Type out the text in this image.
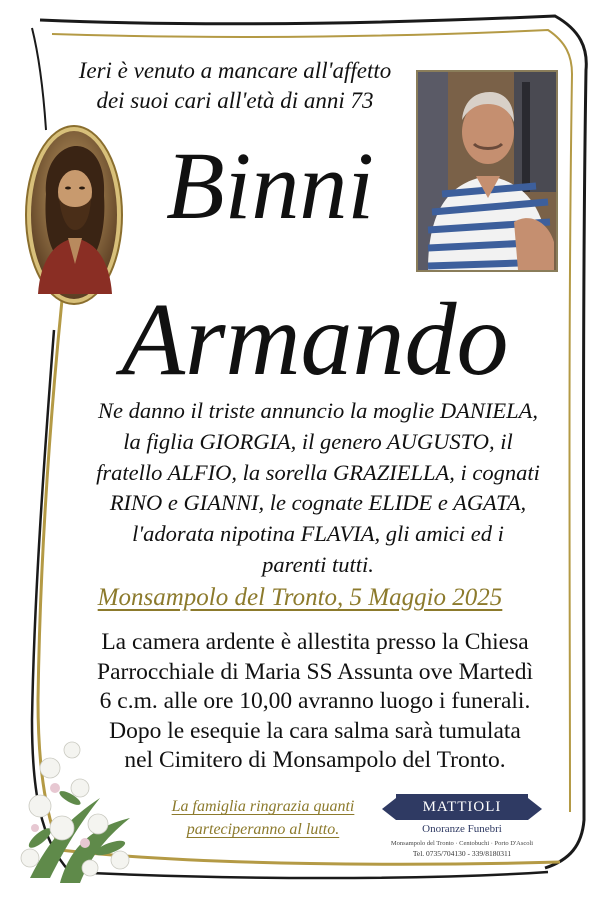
Ieri è venuto a mancare all'affetto
dei suoi cari all'età di anni 73
Binni
Armando
Ne danno il triste annuncio la moglie DANIELA,
la figlia GIORGIA, il genero AUGUSTO, il
fratello ALFIO, la sorella GRAZIELLA, i cognati
RINO e GIANNI, le cognate ELIDE e AGATA,
l'adorata nipotina FLAVIA, gli amici ed i
parenti tutti.
Monsampolo del Tronto, 5 Maggio 2025
La camera ardente è allestita presso la Chiesa
Parrocchiale di Maria SS Assunta ove Martedì
6 c.m. alle ore 10,00 avranno luogo i funerali.
Dopo le esequie la cara salma sarà tumulata
nel Cimitero di Monsampolo del Tronto.
La famiglia ringrazia quanti
parteciperanno al lutto.
MATTIOLI
Onoranze Funebri
Monsampolo del Tronto · Centobuchi · Porto D'Ascoli
Tel. 0735/704130 - 339/8180311
